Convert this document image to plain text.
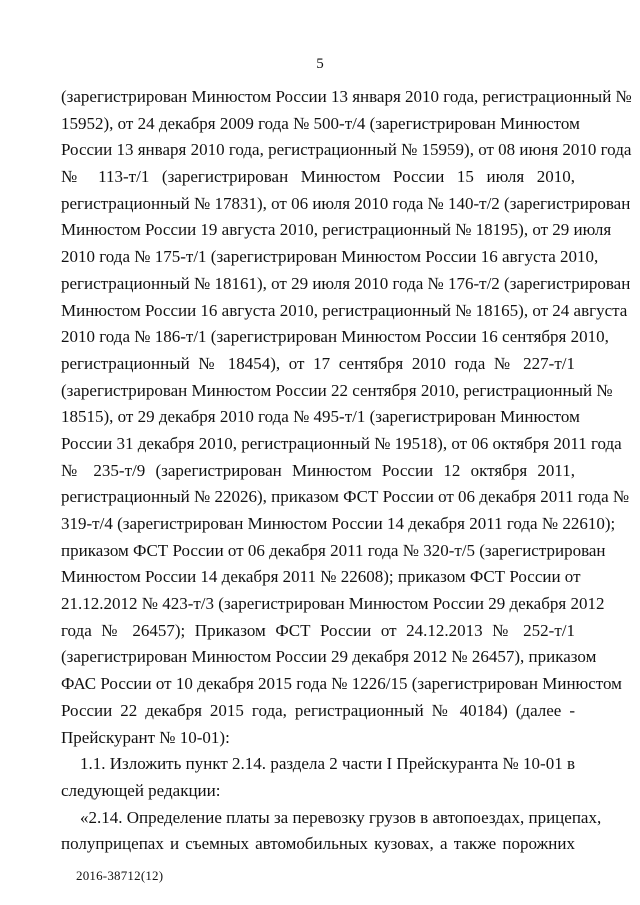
5
(зарегистрирован Минюстом России 13 января 2010 года, регистрационный №
15952), от 24 декабря 2009 года № 500-т/4 (зарегистрирован Минюстом
России 13 января 2010 года, регистрационный № 15959), от 08 июня 2010 года
№ 113-т/1 (зарегистрирован Минюстом России 15 июля 2010,
регистрационный № 17831), от 06 июля 2010 года № 140-т/2 (зарегистрирован
Минюстом России 19 августа 2010, регистрационный № 18195), от 29 июля
2010 года № 175-т/1 (зарегистрирован Минюстом России 16 августа 2010,
регистрационный № 18161), от 29 июля 2010 года № 176-т/2 (зарегистрирован
Минюстом России 16 августа 2010, регистрационный № 18165), от 24 августа
2010 года № 186-т/1 (зарегистрирован Минюстом России 16 сентября 2010,
регистрационный № 18454), от 17 сентября 2010 года № 227-т/1
(зарегистрирован Минюстом России 22 сентября 2010, регистрационный №
18515), от 29 декабря 2010 года № 495-т/1 (зарегистрирован Минюстом
России 31 декабря 2010, регистрационный № 19518), от 06 октября 2011 года
№ 235-т/9 (зарегистрирован Минюстом России 12 октября 2011,
регистрационный № 22026), приказом ФСТ России от 06 декабря 2011 года №
319-т/4 (зарегистрирован Минюстом России 14 декабря 2011 года № 22610);
приказом ФСТ России от 06 декабря 2011 года № 320-т/5 (зарегистрирован
Минюстом России 14 декабря 2011 № 22608); приказом ФСТ России от
21.12.2012 № 423-т/3 (зарегистрирован Минюстом России 29 декабря 2012
года № 26457); Приказом ФСТ России от 24.12.2013 № 252-т/1
(зарегистрирован Минюстом России 29 декабря 2012 № 26457), приказом
ФАС России от 10 декабря 2015 года № 1226/15 (зарегистрирован Минюстом
России 22 декабря 2015 года, регистрационный № 40184) (далее -
Прейскурант № 10-01):
1.1. Изложить пункт 2.14. раздела 2 части I Прейскуранта № 10-01 в
следующей редакции:
«2.14. Определение платы за перевозку грузов в автопоездах, прицепах,
полуприцепах и съемных автомобильных кузовах, а также порожних
2016-38712(12)
